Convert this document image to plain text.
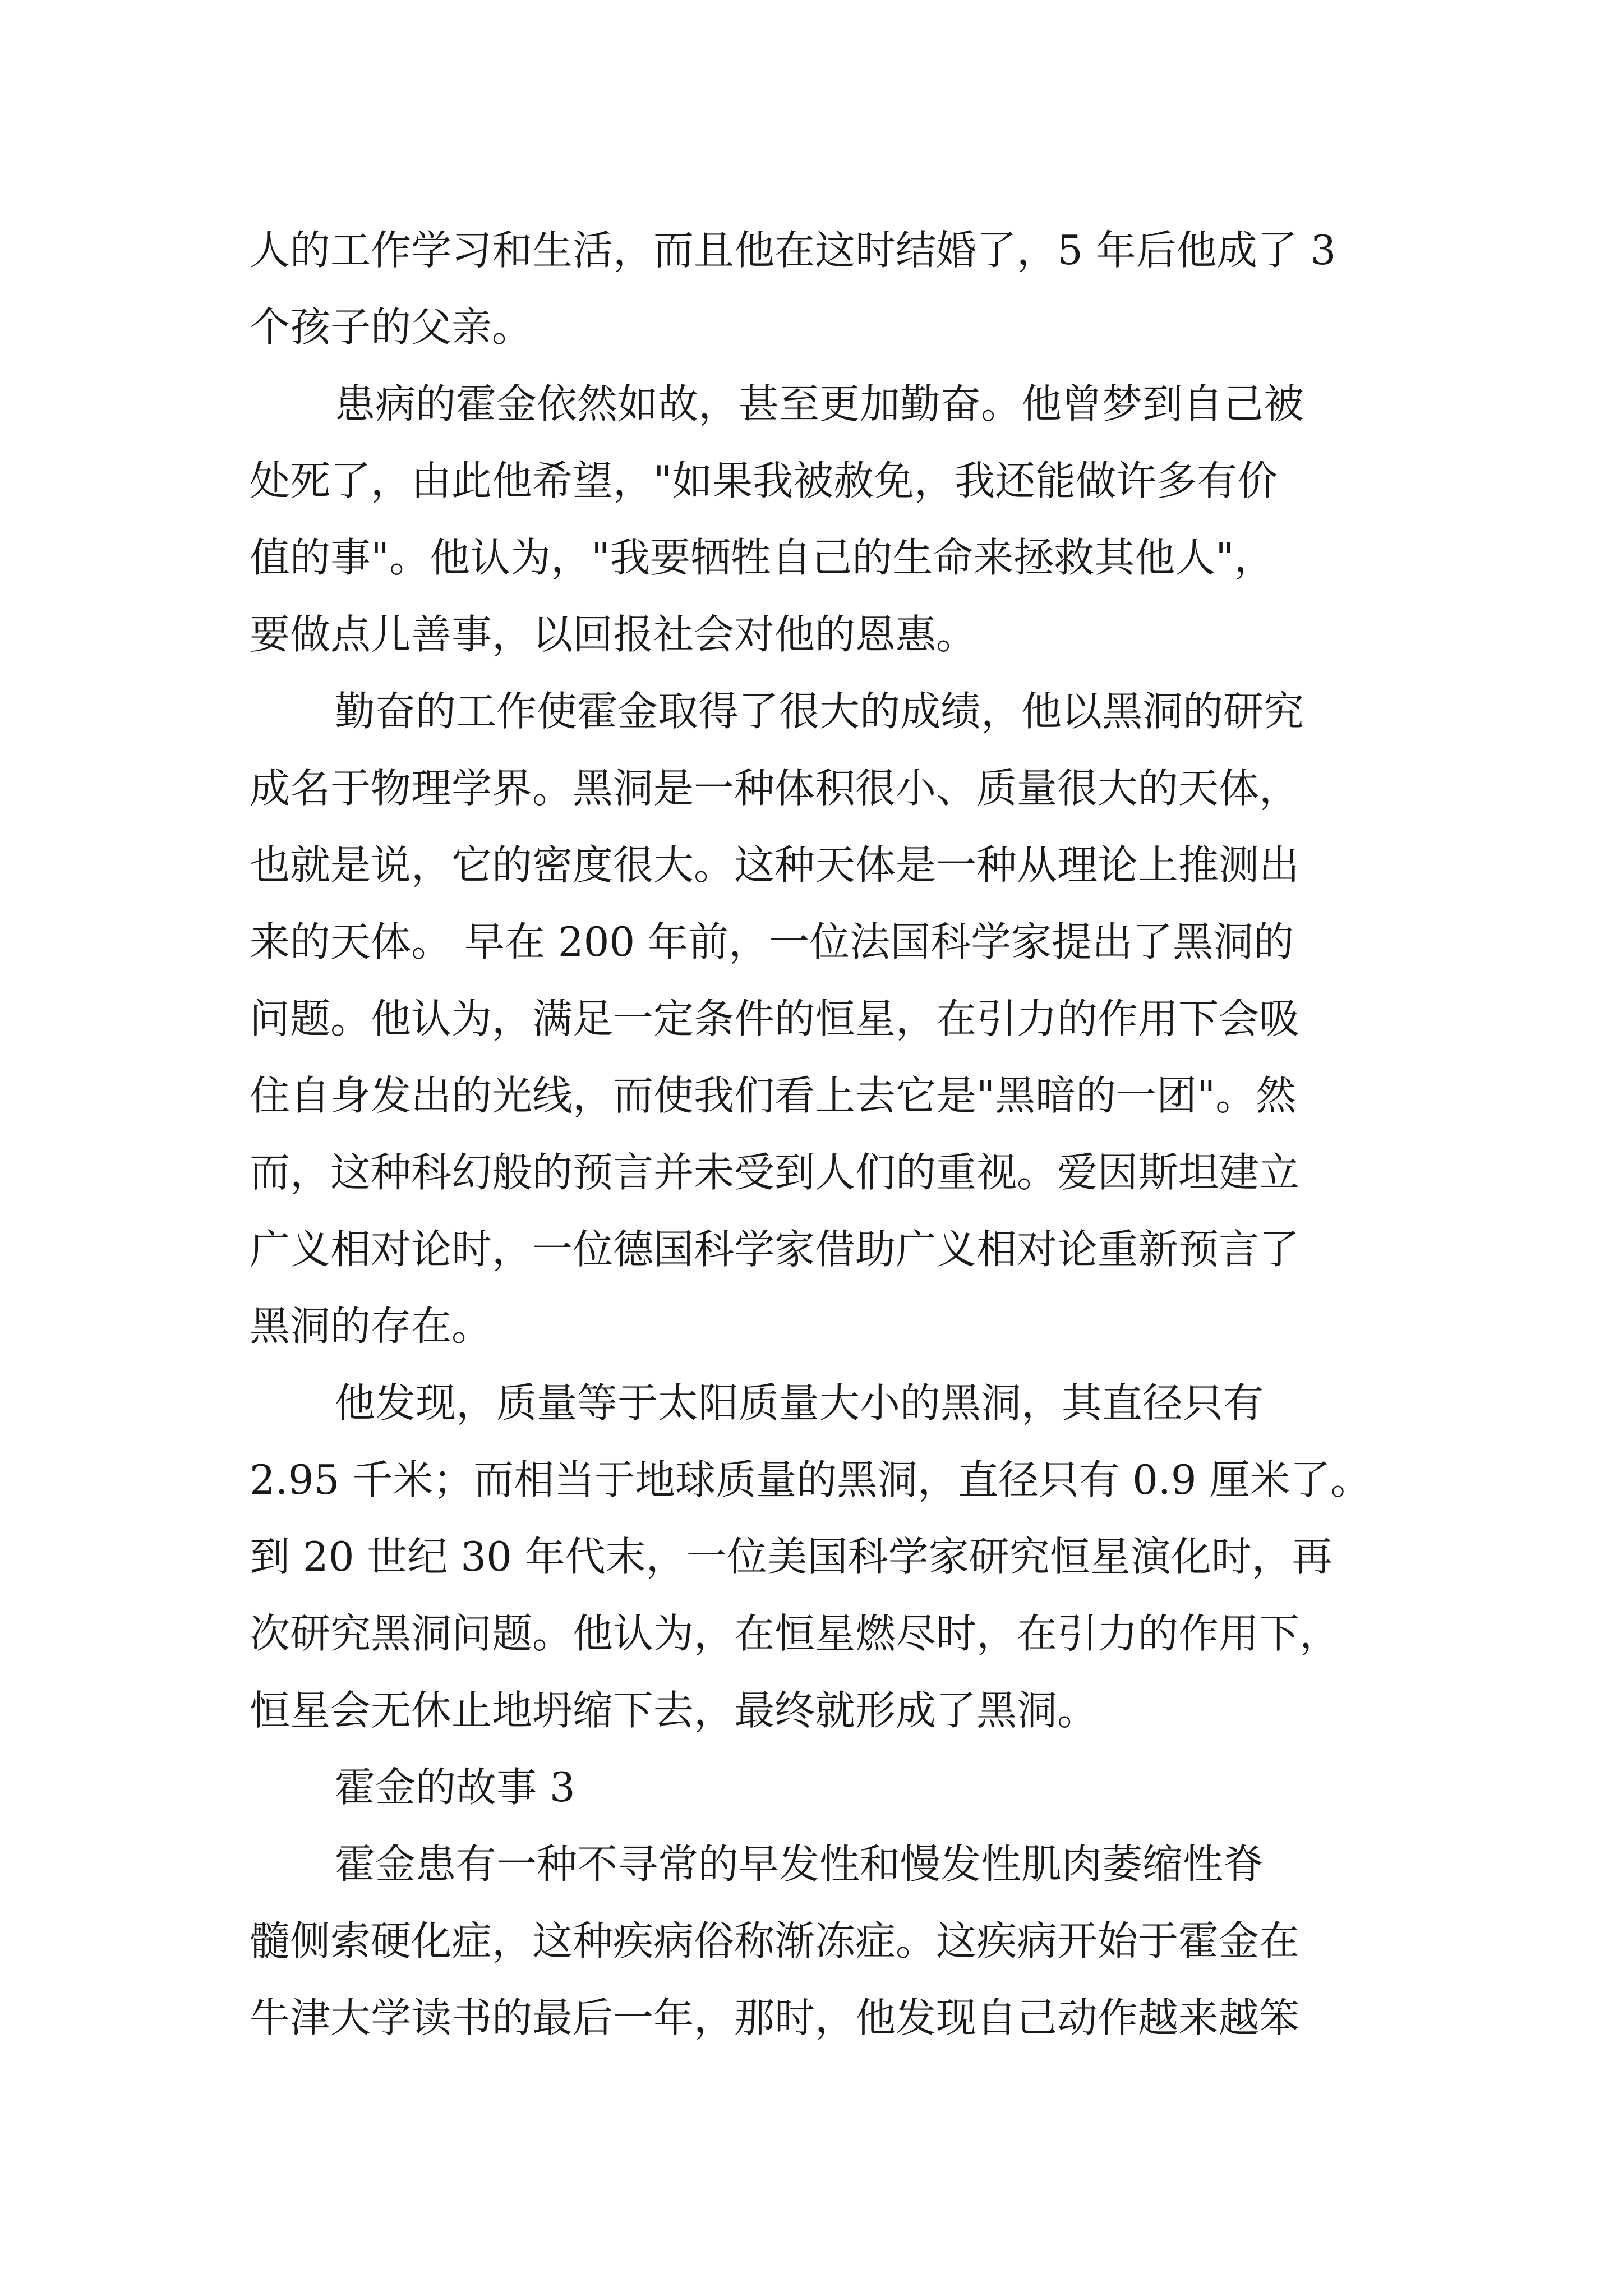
人的工作学习和生活，而且他在这时结婚了，5 年后他成了 3
个孩子的父亲。
患病的霍金依然如故，甚至更加勤奋。他曾梦到自己被
处死了，由此他希望，"如果我被赦免，我还能做许多有价
值的事"。他认为，"我要牺牲自己的生命来拯救其他人"，
要做点儿善事，以回报社会对他的恩惠。
勤奋的工作使霍金取得了很大的成绩，他以黑洞的研究
成名于物理学界。黑洞是一种体积很小、质量很大的天体，
也就是说，它的密度很大。这种天体是一种从理论上推测出
来的天体。 早在 200 年前，一位法国科学家提出了黑洞的
问题。他认为，满足一定条件的恒星，在引力的作用下会吸
住自身发出的光线，而使我们看上去它是"黑暗的一团"。然
而，这种科幻般的预言并未受到人们的重视。爱因斯坦建立
广义相对论时，一位德国科学家借助广义相对论重新预言了
黑洞的存在。
他发现，质量等于太阳质量大小的黑洞，其直径只有
2.95 千米；而相当于地球质量的黑洞，直径只有 0.9 厘米了。
到 20 世纪 30 年代末，一位美国科学家研究恒星演化时，再
次研究黑洞问题。他认为，在恒星燃尽时，在引力的作用下，
恒星会无休止地坍缩下去，最终就形成了黑洞。
霍金的故事 3
霍金患有一种不寻常的早发性和慢发性肌肉萎缩性脊
髓侧索硬化症，这种疾病俗称渐冻症。这疾病开始于霍金在
牛津大学读书的最后一年，那时，他发现自己动作越来越笨
